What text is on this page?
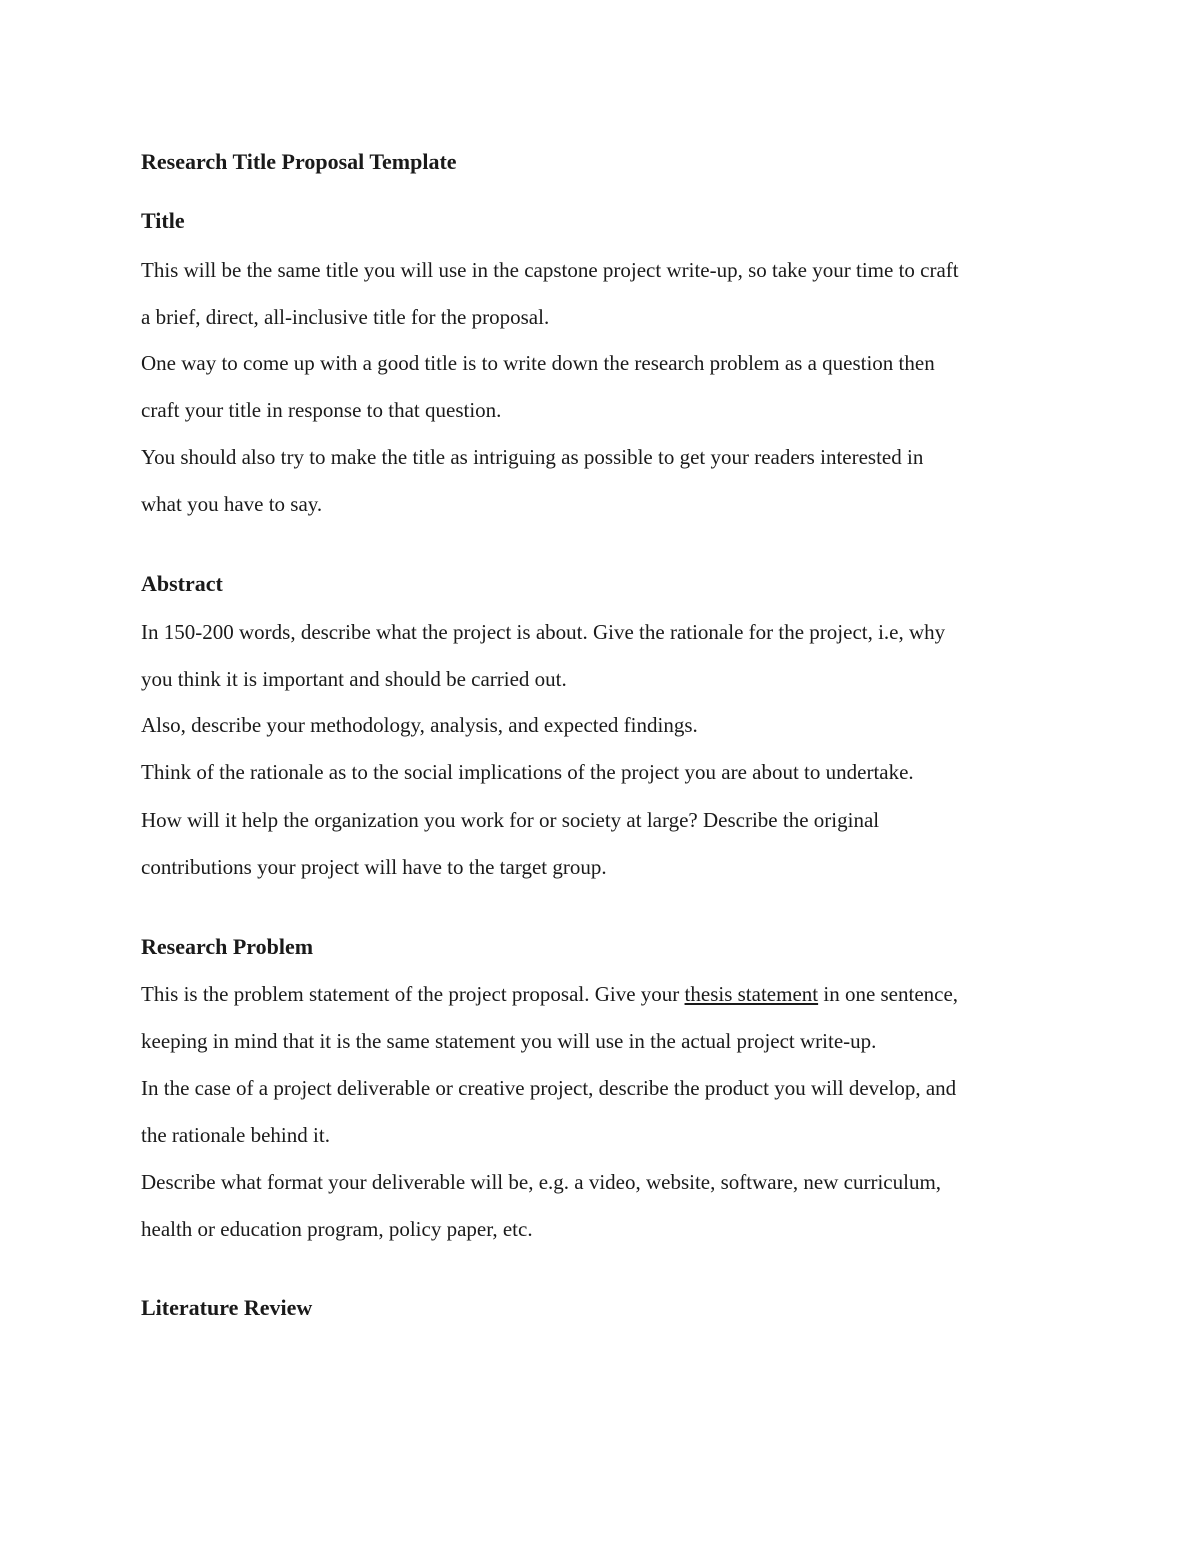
Research Title Proposal Template
Title
This will be the same title you will use in the capstone project write-up, so take your time to craft
a brief, direct, all-inclusive title for the proposal.
One way to come up with a good title is to write down the research problem as a question then
craft your title in response to that question.
You should also try to make the title as intriguing as possible to get your readers interested in
what you have to say.
Abstract
In 150-200 words, describe what the project is about. Give the rationale for the project, i.e, why
you think it is important and should be carried out.
Also, describe your methodology, analysis, and expected findings.
Think of the rationale as to the social implications of the project you are about to undertake.
How will it help the organization you work for or society at large? Describe the original
contributions your project will have to the target group.
Research Problem
This is the problem statement of the project proposal. Give your thesis statement in one sentence,
keeping in mind that it is the same statement you will use in the actual project write-up.
In the case of a project deliverable or creative project, describe the product you will develop, and
the rationale behind it.
Describe what format your deliverable will be, e.g. a video, website, software, new curriculum,
health or education program, policy paper, etc.
Literature Review
